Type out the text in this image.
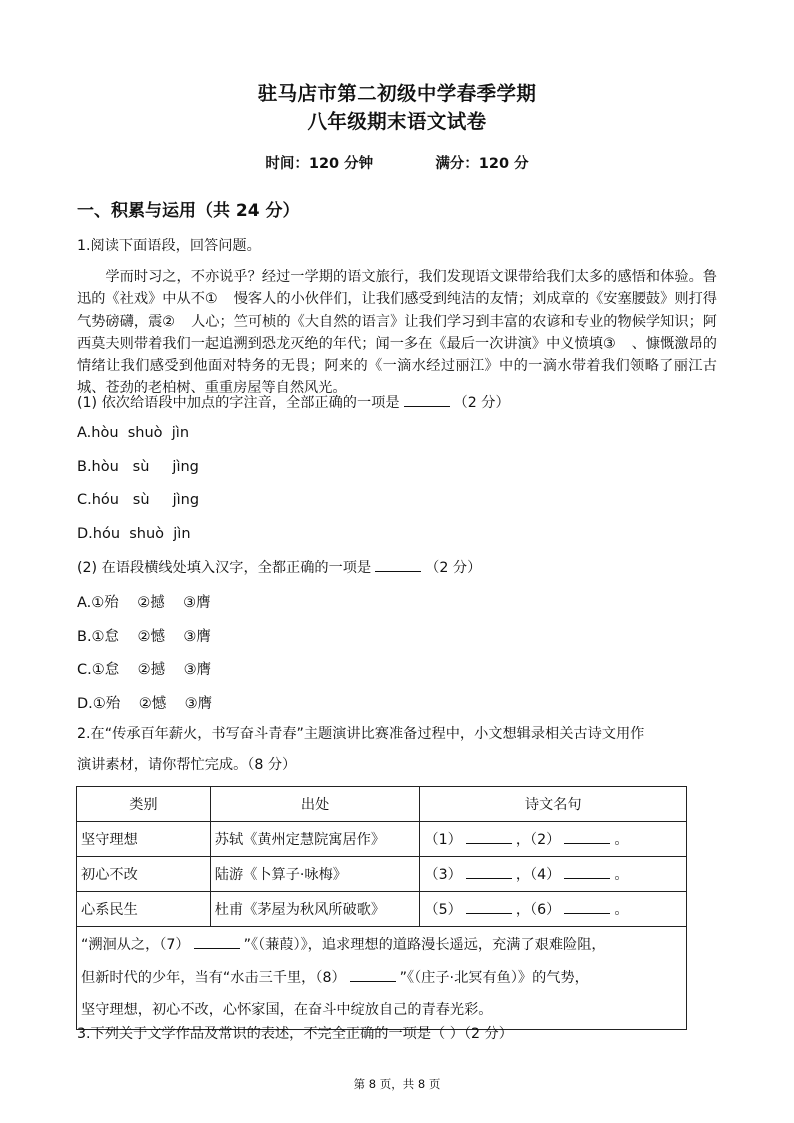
驻马店市第二初级中学春季学期
八年级期末语文试卷
时间：120 分钟	满分：120 分
一、积累与运用（共 24 分）
1.阅读下面语段，回答问题。
学而时习之，不亦说乎？经过一学期的语文旅行，我们发现语文课带给我们太多的感悟和体验。鲁迅的《社戏》中从不① 慢客人的小伙伴们，让我们感受到纯洁的友情；刘成章的《安塞腰鼓》则打得气势磅礴，震② 人心；竺可桢的《大自然的语言》让我们学习到丰富的农谚和专业的物候学知识；阿西莫夫则带着我们一起追溯到恐龙灭绝的年代；闻一多在《最后一次讲演》中义愤填③ 、慷慨激昂的情绪让我们感受到他面对特务的无畏；阿来的《一滴水经过丽江》中的一滴水带着我们领略了丽江古城、苍劲的老柏树、重重房屋等自然风光。
(1) 依次给语段中加点的字注音，全部正确的一项是	（2 分）
A.hòu  shuò  jìn
B.hòu   sù     jìng
C.hóu   sù     jìng
D.hóu  shuò  jìn
(2) 在语段横线处填入汉字，全都正确的一项是	（2 分）
A.①殆    ②撼    ③膺
B.①怠    ②憾    ③膺
C.①怠    ②撼    ③膺
D.①殆    ②憾    ③膺
2.在“传承百年薪火，书写奋斗青春”主题演讲比赛准备过程中，小文想辑录相关古诗文用作
演讲素材，请你帮忙完成。（8 分）
类别	出处	诗文名句
坚守理想	苏轼《黄州定慧院寓居作》	（1） ，（2） 。
初心不改	陆游《卜算子·咏梅》	（3） ，（4） 。
心系民生	杜甫《茅屋为秋风所破歌》	（5） ，（6） 。
“溯洄从之，（7） ”《（蒹葭）》，追求理想的道路漫长遥远，充满了艰难险阻，
但新时代的少年，当有“水击三千里，（8） ”《（庄子·北冥有鱼）》的气势，
坚守理想，初心不改，心怀家国，在奋斗中绽放自己的青春光彩。		
3.下列关于文学作品及常识的表述，不完全正确的一项是（ ）（2 分）
第 8 页，共 8 页
